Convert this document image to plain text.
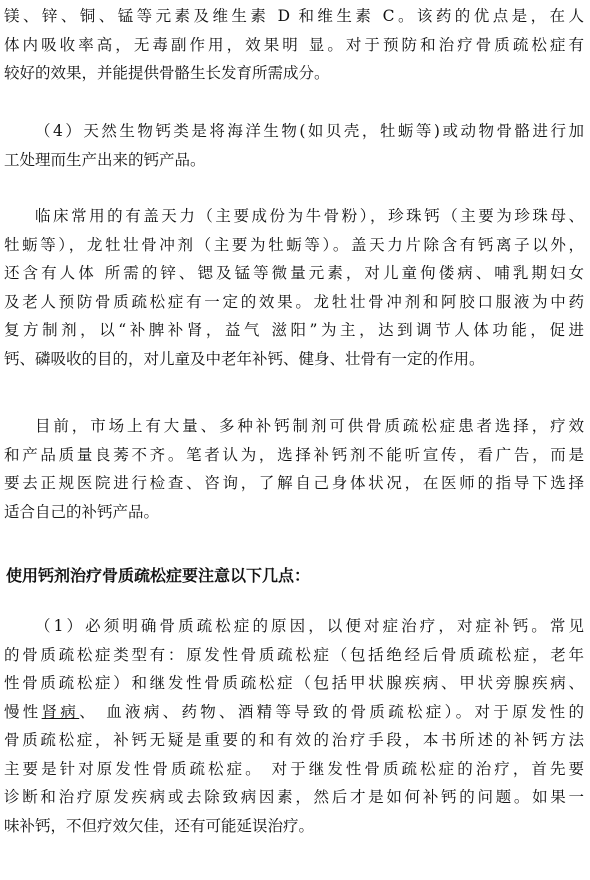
镁、锌、铜、锰等元素及维生素 D 和维生素 C。该药的优点是，在人
体内吸收率高，无毒副作用，效果明 显。对于预防和治疗骨质疏松症有
较好的效果，并能提供骨骼生长发育所需成分。

（4）天然生物钙类是将海洋生物(如贝壳，牡蛎等)或动物骨骼进行加
工处理而生产出来的钙产品。

临床常用的有盖天力（主要成份为牛骨粉），珍珠钙（主要为珍珠母、
牡蛎等），龙牡壮骨冲剂（主要为牡蛎等）。盖天力片除含有钙离子以外，
还含有人体 所需的锌、锶及锰等微量元素，对儿童佝偻病、哺乳期妇女
及老人预防骨质疏松症有一定的效果。龙牡壮骨冲剂和阿胶口服液为中药
复方制剂，以“补脾补肾，益气 滋阳”为主，达到调节人体功能，促进
钙、磷吸收的目的，对儿童及中老年补钙、健身、壮骨有一定的作用。

目前，市场上有大量、多种补钙制剂可供骨质疏松症患者选择，疗效
和产品质量良莠不齐。笔者认为，选择补钙剂不能听宣传，看广告，而是
要去正规医院进行检查、咨询，了解自己身体状况，在医师的指导下选择
适合自己的补钙产品。

使用钙剂治疗骨质疏松症要注意以下几点：

（1）必须明确骨质疏松症的原因，以便对症治疗，对症补钙。常见
的骨质疏松症类型有：原发性骨质疏松症（包括绝经后骨质疏松症，老年
性骨质疏松症）和继发性骨质疏松症（包括甲状腺疾病、甲状旁腺疾病、
慢性肾病、 血液病、药物、酒精等导致的骨质疏松症）。对于原发性的
骨质疏松症，补钙无疑是重要的和有效的治疗手段，本书所述的补钙方法
主要是针对原发性骨质疏松症。 对于继发性骨质疏松症的治疗，首先要
诊断和治疗原发疾病或去除致病因素，然后才是如何补钙的问题。如果一
味补钙，不但疗效欠佳，还有可能延误治疗。
